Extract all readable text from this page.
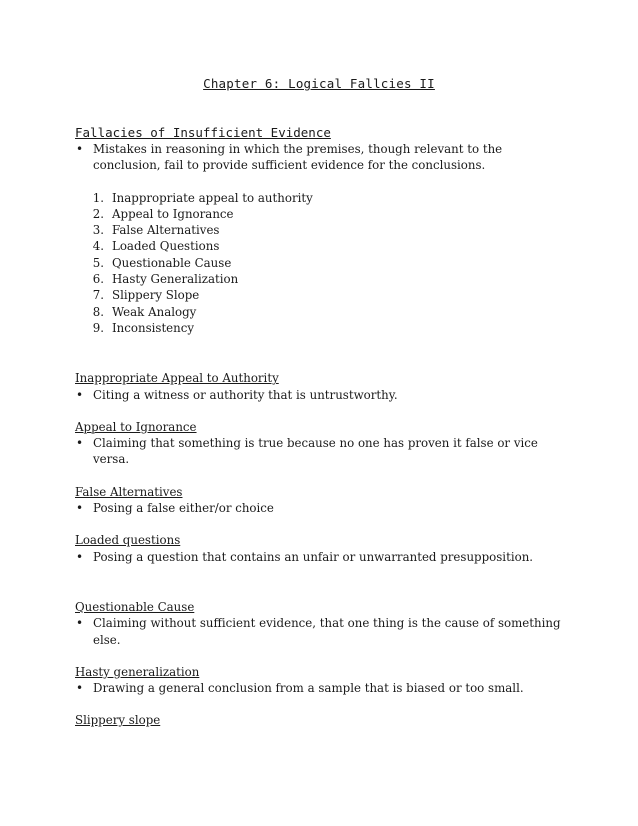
Chapter 6: Logical Fallcies II
Fallacies of Insufficient Evidence
• Mistakes in reasoning in which the premises, though relevant to the conclusion, fail to provide sufficient evidence for the conclusions.
1. Inappropriate appeal to authority
2. Appeal to Ignorance
3. False Alternatives
4. Loaded Questions
5. Questionable Cause
6. Hasty Generalization
7. Slippery Slope
8. Weak Analogy
9. Inconsistency
Inappropriate Appeal to Authority
• Citing a witness or authority that is untrustworthy.
Appeal to Ignorance
• Claiming that something is true because no one has proven it false or vice versa.
False Alternatives
• Posing a false either/or choice
Loaded questions
• Posing a question that contains an unfair or unwarranted presupposition.
Questionable Cause
• Claiming without sufficient evidence, that one thing is the cause of something else.
Hasty generalization
• Drawing a general conclusion from a sample that is biased or too small.
Slippery slope
